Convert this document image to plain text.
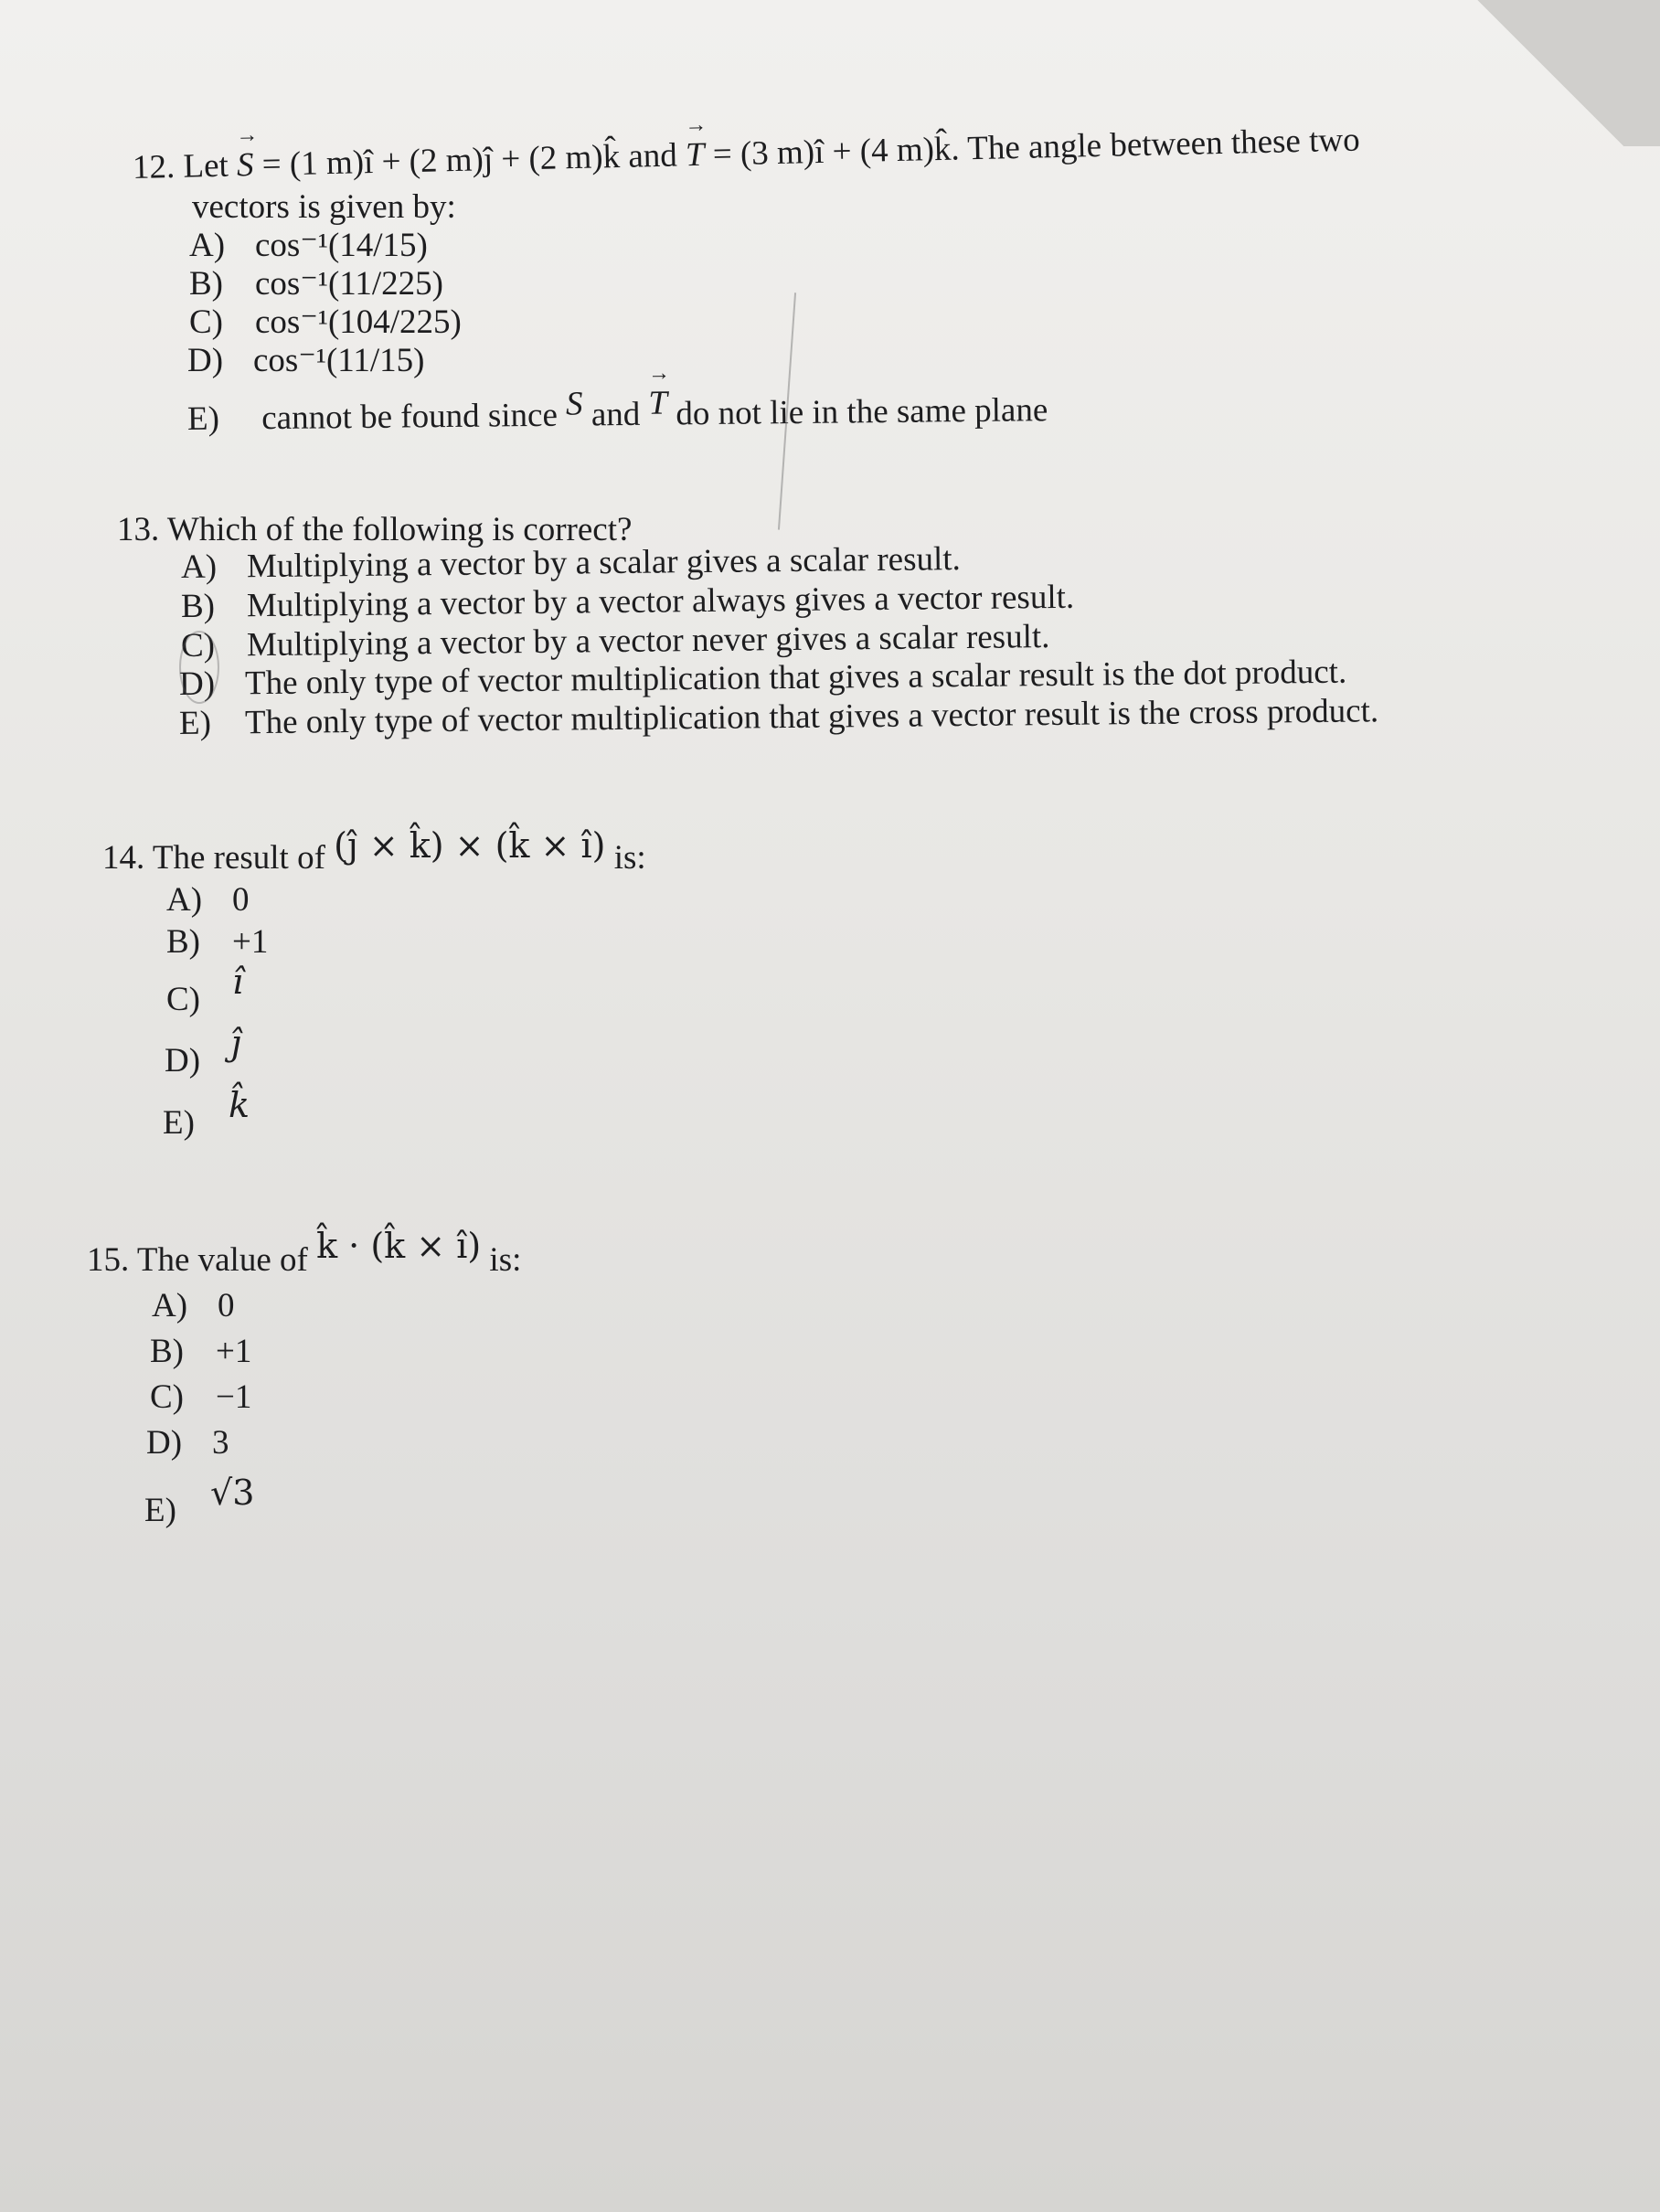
12. Let → S = (1 m)î + (2 m)ĵ + (2 m)k̂ and → T = (3 m)î + (4 m)k̂. The angle between these two
vectors is given by:
A) cos⁻¹(14/15)
B) cos⁻¹(11/225)
C) cos⁻¹(104/225)
D) cos⁻¹(11/15)
E) cannot be found since S and → T do not lie in the same plane
13. Which of the following is correct?
A) Multiplying a vector by a scalar gives a scalar result.
B) Multiplying a vector by a vector always gives a vector result.
C) Multiplying a vector by a vector never gives a scalar result.
D) The only type of vector multiplication that gives a scalar result is the dot product.
E) The only type of vector multiplication that gives a vector result is the cross product.
14. The result of (ĵ × k̂) × (k̂ × î) is:
A) 0
B) +1
C) î
D) ĵ
E) k̂
15. The value of k̂ · (k̂ × î) is:
A) 0
B) +1
C) −1
D) 3
E) √3
